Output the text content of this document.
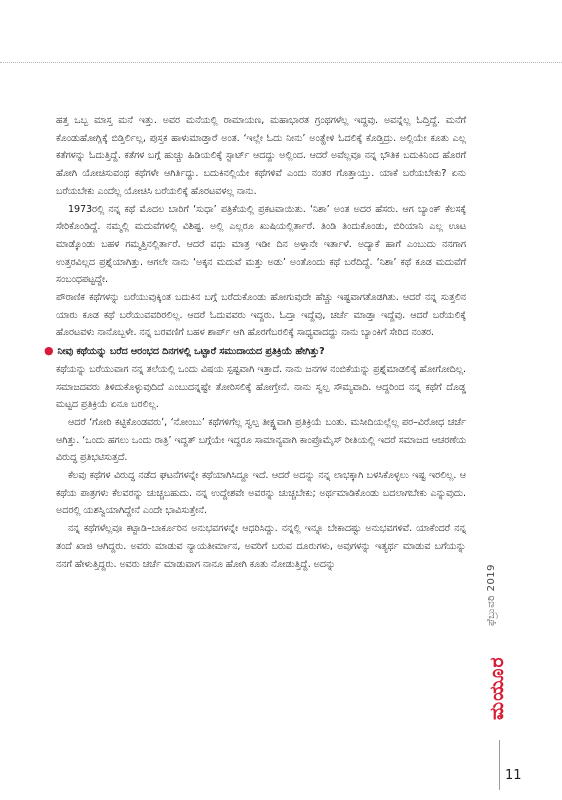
ಹತ್ತ ಒಬ್ಬ ಮಾಸ್ತ ಮನೆ ಇತ್ತು. ಅವರ ಮನೆಯಲ್ಲಿ ರಾಮಾಯಣ, ಮಹಾಭಾರತ ಗ್ರಂಥಗಳೆಲ್ಲ ಇದ್ದವು. ಅವನ್ನೆಲ್ಲ ಓದ್ತಿದ್ದೆ. ಮನೆಗೆ ಕೊಂಡುಹೋಗ್ಲಿಕ್ಕೆ ಬಿಡ್ತಿರ್ಲಿಲ್ಲ, ಪುಸ್ತಕ ಹಾಳುಮಾಡ್ತಾರೆ ಅಂತ. ‘ಇಲ್ಲೇ ಓದು ನೀನು’ ಅಂತ್ಹೇಳಿ ಓದಲಿಕ್ಕೆ ಕೊಡ್ತಿದ್ರು. ಅಲ್ಲಿಯೇ ಕೂತು ಎಲ್ಲ ಕತೆಗಳನ್ನು ಓದುತ್ತಿದ್ದೆ. ಕತೆಗಳ ಬಗ್ಗೆ ಹುಚ್ಚು ಹಿಡಿಯಲಿಕ್ಕೆ ಸ್ಟಾರ್ಟ್ ಆದದ್ದು ಅಲ್ಲಿಂದ. ಆದರೆ ಅವೆಲ್ಲವೂ ನನ್ನ ಭೌತಿಕ ಬದುಕಿನಿಂದ ಹೊರಗೆ ಹೋಗಿ ಯೋಚಿಸುವಂಥ ಕಥೆಗಳೇ ಆಗಿರ್ತಿದ್ದು. ಬದುಕಿನಲ್ಲಿಯೇ ಕಥೆಗಳಿವೆ ಎಂದು ನಂತರ ಗೊತ್ತಾಯ್ತು. ಯಾಕೆ ಬರೆಯಬೇಕು? ಏನು ಬರೆಯಬೇಕು ಎಂದೆಲ್ಲ ಯೋಚಿಸಿ ಬರೆಯಲಿಕ್ಕೆ ಹೊರಟವಳಲ್ಲ ನಾನು.

1973ರಲ್ಲಿ ನನ್ನ ಕಥೆ ಮೊದಲ ಬಾರಿಗೆ ‘ಸುಧಾ’ ಪತ್ರಿಕೆಯಲ್ಲಿ ಪ್ರಕಟವಾಯಿತು. ‘ನಿಶಾ’ ಅಂತ ಅದರ ಹೆಸರು. ಆಗ ಬ್ಯಾಂಕ್ ಕೆಲಸಕ್ಕೆ ಸೇರಿಕೊಂಡಿದ್ದೆ. ನಮ್ಮಲ್ಲಿ ಮದುವೆಗಳಲ್ಲಿ ವಿಶಿಷ್ಟ. ಅಲ್ಲಿ ಎಲ್ಲರೂ ಖುಷಿಯಲ್ಲಿರ್ತಾರೆ. ತಿಂಡಿ ತಿಂದುಕೊಂಡು, ಬಿರಿಯಾನಿ ಎಲ್ಲ ಊಟ ಮಾಡ್ಕೊಂಡು ಬಹಳ ಗಮ್ಮತ್ತಿನಲ್ಲಿರ್ತಾರೆ. ಆದರೆ ವಧು ಮಾತ್ರ ಇಡೀ ದಿನ ಅಳ್ತಾನೇ ಇರ್ತಾಳೆ. ಅದ್ಯಾಕೆ ಹಾಗೆ ಎಂಬುದು ನನಗಾಗ ಉತ್ತರವಿಲ್ಲದ ಪ್ರಶ್ನೆಯಾಗಿತ್ತು. ಆಗಲೇ ನಾನು ‘ಅಕ್ಕನ ಮದುವೆ ಮತ್ತು ಅಡು’ ಅಂತೊಂದು ಕಥೆ ಬರೆದಿದ್ದೆ. ‘ನಿಶಾ’ ಕಥೆ ಕೂಡ ಮದುವೆಗೆ ಸಂಬಂಧಪಟ್ಟದ್ದೇ.

ಪೌರಾಣಿಕ ಕಥೆಗಳನ್ನು ಬರೆಯುವುಕ್ಕಿಂತ ಬದುಕಿನ ಬಗ್ಗೆ ಬರೆದುಕೊಂಡು ಹೋಗುವುದೇ ಹೆಚ್ಚು ಇಷ್ಟವಾಗತೊಡಗಿತು. ಆದರೆ ನನ್ನ ಸುತ್ತಲಿನ ಯಾರು ಕೂಡ ಕಥೆ ಬರೆಯುವವರಿರಲಿಲ್ಲ. ಆದರೆ ಓದುವವರು ಇದ್ದರು. ಓದ್ತಾ ಇದ್ದೆವು, ಚರ್ಚೆ ಮಾಡ್ತಾ ಇದ್ದೆವು. ಆದರೆ ಬರೆಯಲಿಕ್ಕೆ ಹೊರಟವಳು ನಾನೊಬ್ಬಳೇ. ನನ್ನ ಬರವಣಿಗೆ ಬಹಳ ಶಾರ್ಪ್ ಆಗಿ ಹೊರಗೆಬರಲಿಕ್ಕೆ ಸಾಧ್ಯವಾದದ್ದು ನಾನು ಬ್ಯಾಂಕಿಗೆ ಸೇರಿದ ನಂತರ.

● ನೀವು ಕಥೆಯನ್ನು ಬರೆದ ಆರಂಭದ ದಿನಗಳಲ್ಲಿ ಒಟ್ಟಾರೆ ಸಮುದಾಯದ ಪ್ರತಿಕ್ರಿಯೆ ಹೇಗಿತ್ತು?

ಕಥೆಯನ್ನು ಬರೆಯುವಾಗ ನನ್ನ ತಲೆಯಲ್ಲಿ ಒಂದು ವಿಷಯ ಸ್ಪಷ್ಟವಾಗಿ ಇತ್ತಾದೆ. ನಾನು ಜನಗಳ ನಂಬಿಕೆಯನ್ನು ಪ್ರಶ್ನೆಮಾಡಲಿಕ್ಕೆ ಹೋಗೋದಿಲ್ಲ. ಸಮಾಜದವರು ತಿಳಿದುಕೊಳ್ಳುವುದಿದೆ ಎಂಬುದನ್ನಷ್ಟೇ ತೋರಿಸಲಿಕ್ಕೆ ಹೋಗ್ತೇನೆ. ನಾನು ಸ್ವಲ್ಪ ಸೌಮ್ಯವಾದಿ. ಆದ್ದರಿಂದ ನನ್ನ ಕಥೆಗೆ ದೊಡ್ಡ ಮಟ್ಟದ ಪ್ರತಿಕ್ರಿಯೆ ಏನೂ ಬರಲಿಲ್ಲ.

ಆದರೆ ‘ಗೋರಿ ಕಟ್ಟಿಕೊಂಡವರು’, ‘ನೋಂಬು’ ಕಥೆಗಳಿಗೆಲ್ಲ ಸ್ವಲ್ಪ ತೀಕ್ಷ್ಣವಾಗಿ ಪ್ರತಿಕ್ರಿಯೆ ಬಂತು. ಮಸೀದಿಯಲ್ಲೆಲ್ಲ ಪರ–ವಿರೋಧ ಚರ್ಚೆ ಆಗಿತ್ತು. ‘ಒಂದು ಹಗಲು ಒಂದು ರಾತ್ರಿ’ ಇದ್ದತ್ ಬಗ್ಗೆಯೇ ಇದ್ದರೂ ಸಾಮಾನ್ಯವಾಗಿ ಕಾಂಪ್ರೊಮೈಸ್ ರೀತಿಯಲ್ಲಿ ಇದರೆ ಸಮಾಜದ ಆಚರಣೆಯ ವಿರುದ್ಧ ಪ್ರತಿಭಟಿಸುತ್ತದೆ.

ಕೆಲವು ಕಥೆಗಳ ವಿರುದ್ಧ ನಡೆದ ಘಟನೆಗಳನ್ನೇ ಕಥೆಯಾಗಿಸಿದ್ದೂ ಇದೆ. ಆದರೆ ಅದನ್ನು ನನ್ನ ಲಾಭಕ್ಕಾಗಿ ಬಳಸಿಕೊಳ್ಳಲು ಇಷ್ಟ ಇರಲಿಲ್ಲ. ಆ ಕಥೆಯ ಪಾತ್ರಗಳು ಕೆಲವರನ್ನು ಚುಚ್ಚಬಹುದು. ನನ್ನ ಉದ್ದೇಶವೇ ಅವರನ್ನು ಚುಚ್ಚಬೇಕು; ಅರ್ಥಮಾಡಿಕೊಂಡು ಬದಲಾಗಬೇಕು ಎನ್ನುವುದು. ಅದರಲ್ಲಿ ಯಶಸ್ವಿಯಾಗಿದ್ದೇನೆ ಎಂದೇ ಭಾವಿಸುತ್ತೇನೆ.

ನನ್ನ ಕಥೆಗಳೆಲ್ಲವೂ ಕಟ್ಟಾಡಿ–ಬಾರ್ಕೂರಿನ ಅನುಭವಗಳನ್ನೇ ಆಧರಿಸಿದ್ದು. ನನ್ನಲ್ಲಿ ಇನ್ನೂ ಬೇಕಾದಷ್ಟು ಅನುಭವಗಳಿವೆ. ಯಾಕೆಂದರೆ ನನ್ನ ತಂದೆ ಖಾಜಿ ಆಗಿದ್ದರು. ಅವರು ಮಾಡುವ ನ್ಯಾಯತೀರ್ಮಾನ, ಅವರಿಗೆ ಬರುವ ದೂರುಗಳು, ಅವುಗಳನ್ನು ಇತ್ಯರ್ಥ ಮಾಡುವ ಬಗೆಯನ್ನು ನನಗೆ ಹೇಳುತ್ತಿದ್ದರು. ಅವರು ಚರ್ಚೆ ಮಾಡುವಾಗ ನಾನೂ ಹೋಗಿ ಕೂತು ನೋಡುತ್ತಿದ್ದೆ. ಅದನ್ನು	ಫೆಬ್ರುವರಿ 2019
ಮಯೂರ
11
